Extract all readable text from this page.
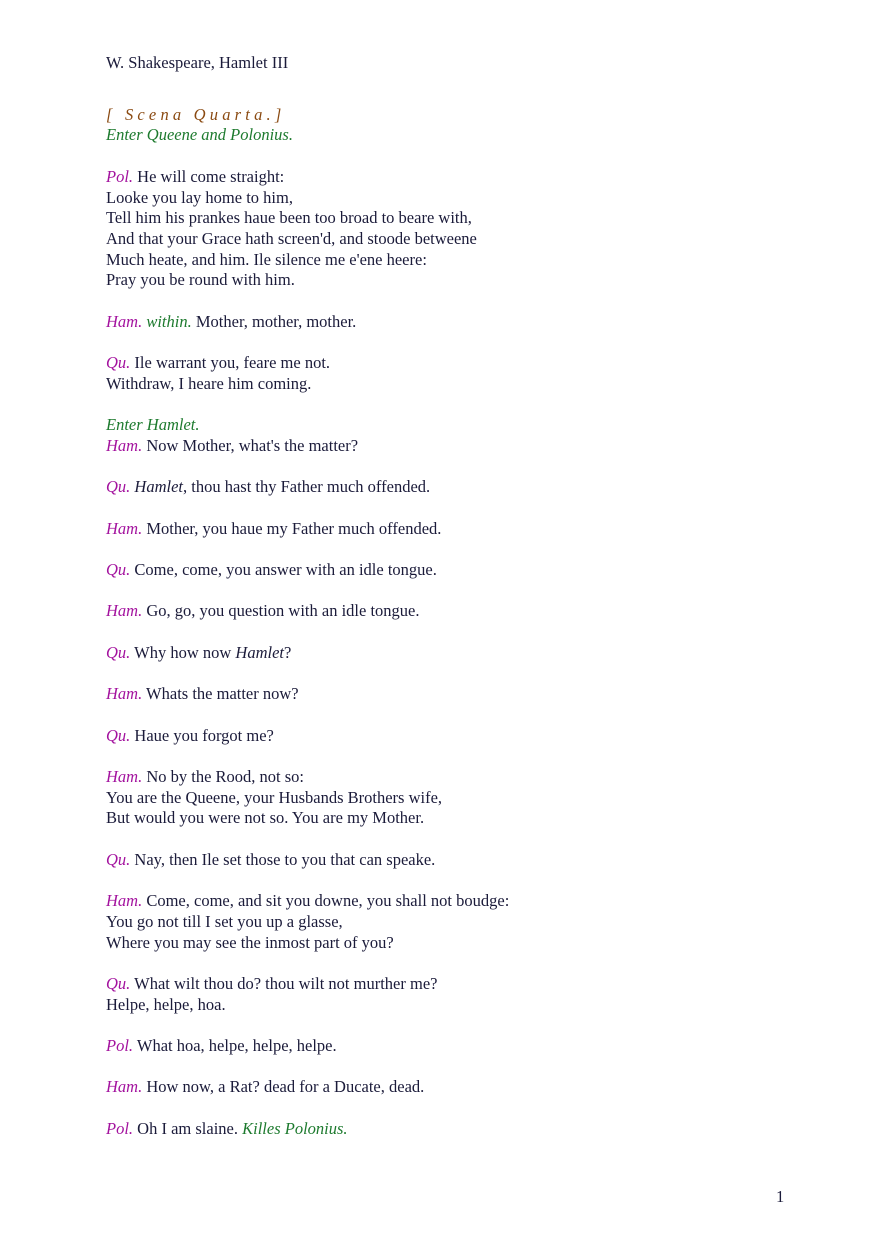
W. Shakespeare, Hamlet III
[ Scena Quarta.]
Enter Queene and Polonius.
Pol. He will come straight:
Looke you lay home to him,
Tell him his prankes haue been too broad to beare with,
And that your Grace hath screen'd, and stoode betweene
Much heate, and him. Ile silence me e'ene heere:
Pray you be round with him.
Ham. within. Mother, mother, mother.
Qu. Ile warrant you, feare me not.
Withdraw, I heare him coming.
Enter Hamlet.
Ham. Now Mother, what's the matter?
Qu. Hamlet, thou hast thy Father much offended.
Ham. Mother, you haue my Father much offended.
Qu. Come, come, you answer with an idle tongue.
Ham. Go, go, you question with an idle tongue.
Qu. Why how now Hamlet?
Ham. Whats the matter now?
Qu. Haue you forgot me?
Ham. No by the Rood, not so:
You are the Queene, your Husbands Brothers wife,
But would you were not so. You are my Mother.
Qu. Nay, then Ile set those to you that can speake.
Ham. Come, come, and sit you downe, you shall not boudge:
You go not till I set you up a glasse,
Where you may see the inmost part of you?
Qu. What wilt thou do? thou wilt not murther me?
Helpe, helpe, hoa.
Pol. What hoa, helpe, helpe, helpe.
Ham. How now, a Rat? dead for a Ducate, dead.
Pol. Oh I am slaine. Killes Polonius.
1
